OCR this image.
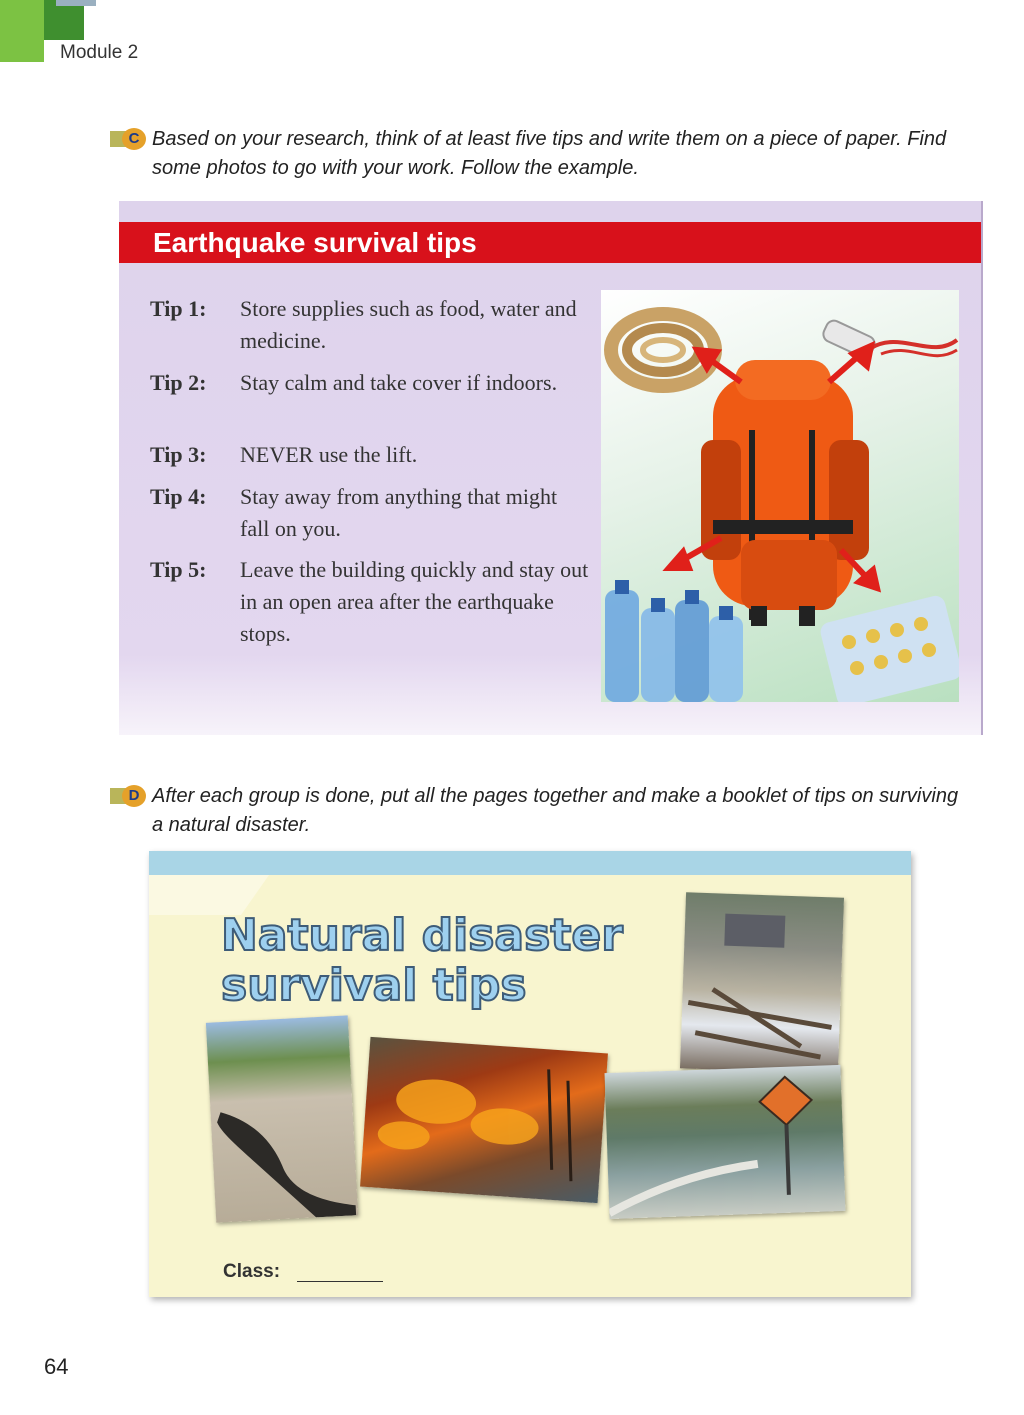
Module 2
C Based on your research, think of at least five tips and write them on a piece of paper. Find some photos to go with your work. Follow the example.
Earthquake survival tips
Tip 1: Store supplies such as food, water and medicine.
Tip 2: Stay calm and take cover if indoors.
Tip 3: NEVER use the lift.
Tip 4: Stay away from anything that might fall on you.
Tip 5: Leave the building quickly and stay out in an open area after the earthquake stops.
D After each group is done, put all the pages together and make a booklet of tips on surviving a natural disaster.
Natural disaster survival tips
Class:
64
